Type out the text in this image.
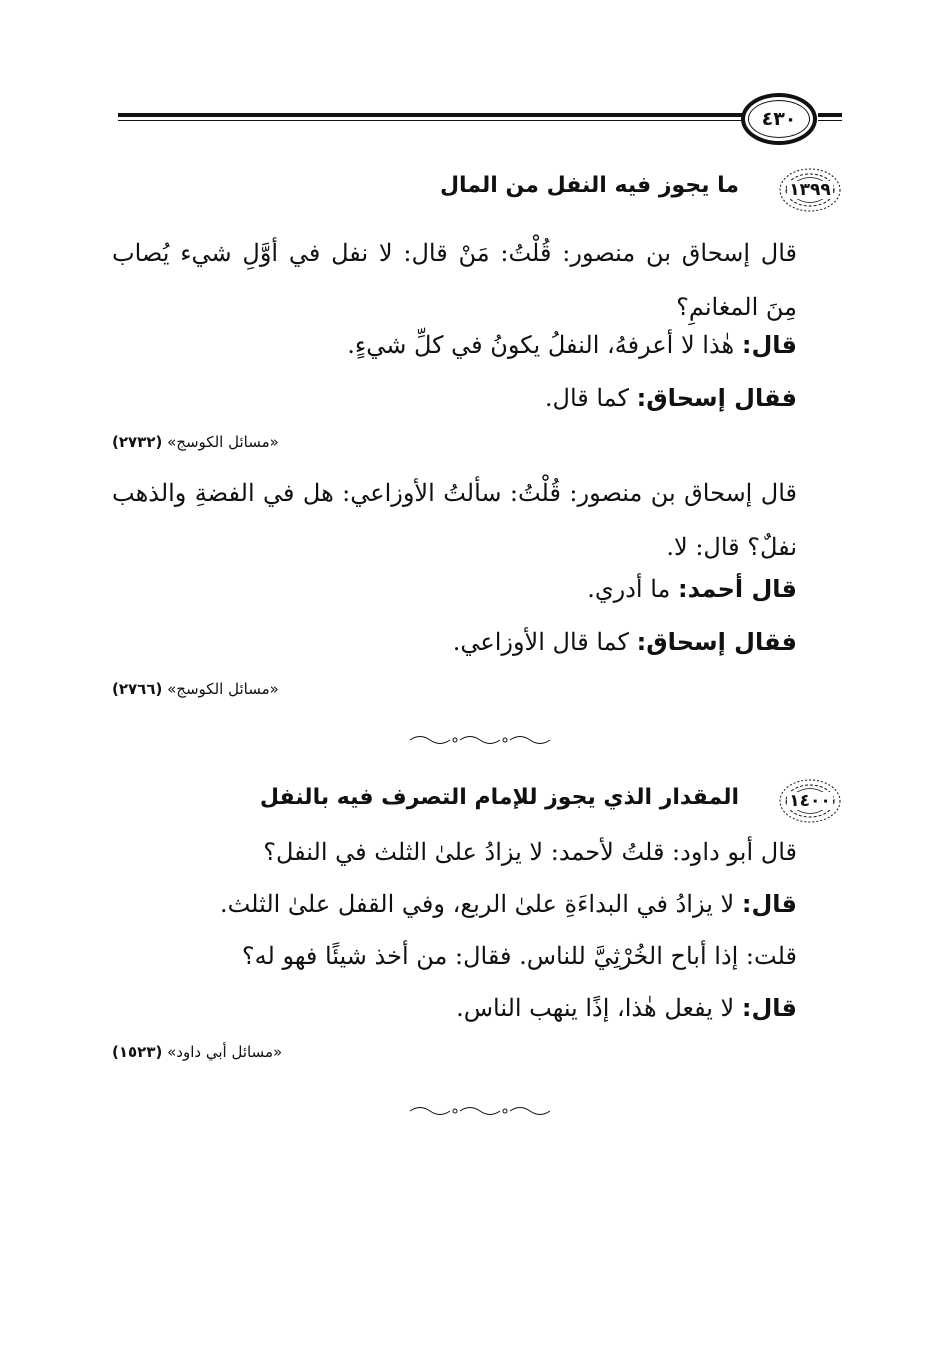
٤٣٠
١٣٩٩
ما يجوز فيه النفل من المال
قال إسحاق بن منصور: قُلْتُ: مَنْ قال: لا نفل في أوَّلِ شيء يُصاب مِنَ المغانمِ؟
قال: هٰذا لا أعرفهُ، النفلُ يكونُ في كلِّ شيءٍ.
فقال إسحاق: كما قال.
«مسائل الكوسج» (٢٧٣٢)
قال إسحاق بن منصور: قُلْتُ: سألتُ الأوزاعي: هل في الفضةِ والذهب نفلٌ؟ قال: لا.
قال أحمد: ما أدري.
فقال إسحاق: كما قال الأوزاعي.
«مسائل الكوسج» (٢٧٦٦)
١٤٠٠
المقدار الذي يجوز للإمام التصرف فيه بالنفل
قال أبو داود: قلتُ لأحمد: لا يزادُ علىٰ الثلث في النفل؟
قال: لا يزادُ في البداءَةِ علىٰ الربع، وفي القفل علىٰ الثلث.
قلت: إذا أباح الخُرْثِيَّ للناس. فقال: من أخذ شيئًا فهو له؟
قال: لا يفعل هٰذا، إذًا ينهب الناس.
«مسائل أبي داود» (١٥٢٣)
